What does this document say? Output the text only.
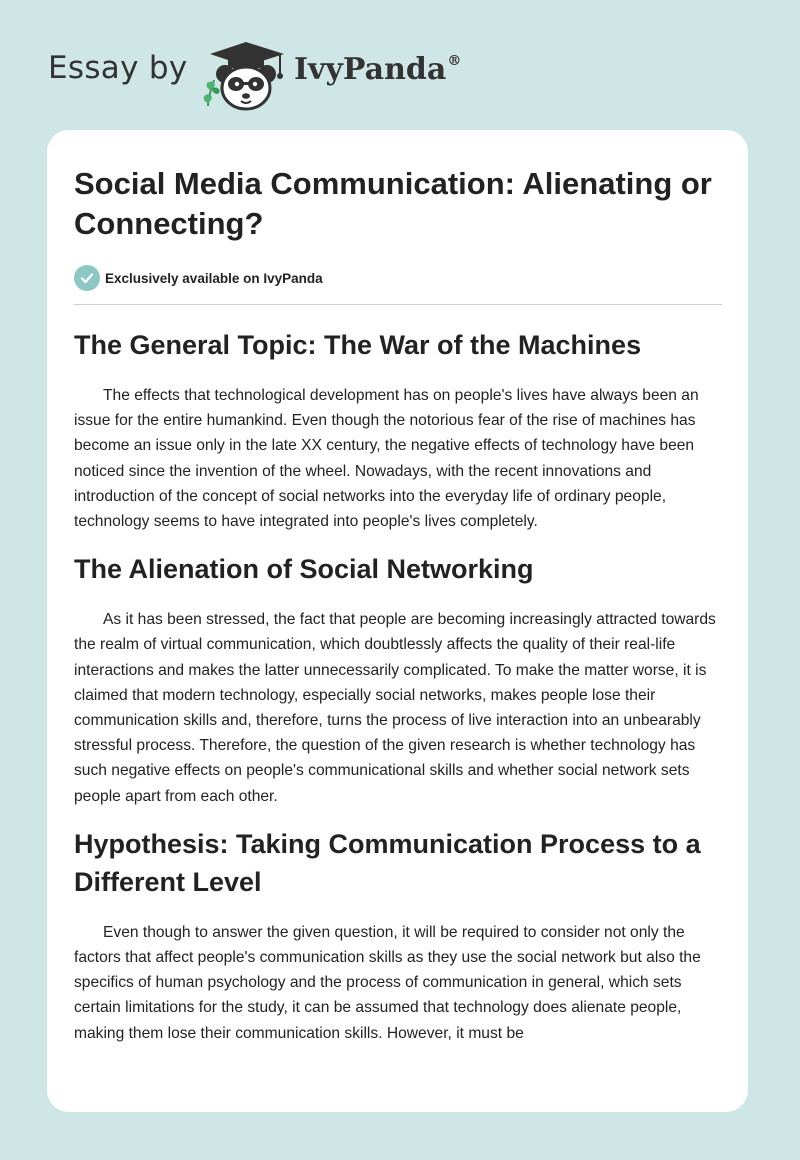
Essay by	IvyPanda®
Social Media Communication: Alienating or Connecting?
Exclusively available on IvyPanda
The General Topic: The War of the Machines

The effects that technological development has on people's lives have always been an issue for the entire humankind. Even though the notorious fear of the rise of machines has become an issue only in the late XX century, the negative effects of technology have been noticed since the invention of the wheel. Nowadays, with the recent innovations and introduction of the concept of social networks into the everyday life of ordinary people, technology seems to have integrated into people's lives completely.

The Alienation of Social Networking

As it has been stressed, the fact that people are becoming increasingly attracted towards the realm of virtual communication, which doubtlessly affects the quality of their real-life interactions and makes the latter unnecessarily complicated. To make the matter worse, it is claimed that modern technology, especially social networks, makes people lose their communication skills and, therefore, turns the process of live interaction into an unbearably stressful process. Therefore, the question of the given research is whether technology has such negative effects on people's communicational skills and whether social network sets people apart from each other.

Hypothesis: Taking Communication Process to a Different Level

Even though to answer the given question, it will be required to consider not only the factors that affect people's communication skills as they use the social network but also the specifics of human psychology and the process of communication in general, which sets certain limitations for the study, it can be assumed that technology does alienate people, making them lose their communication skills. However, it must be
